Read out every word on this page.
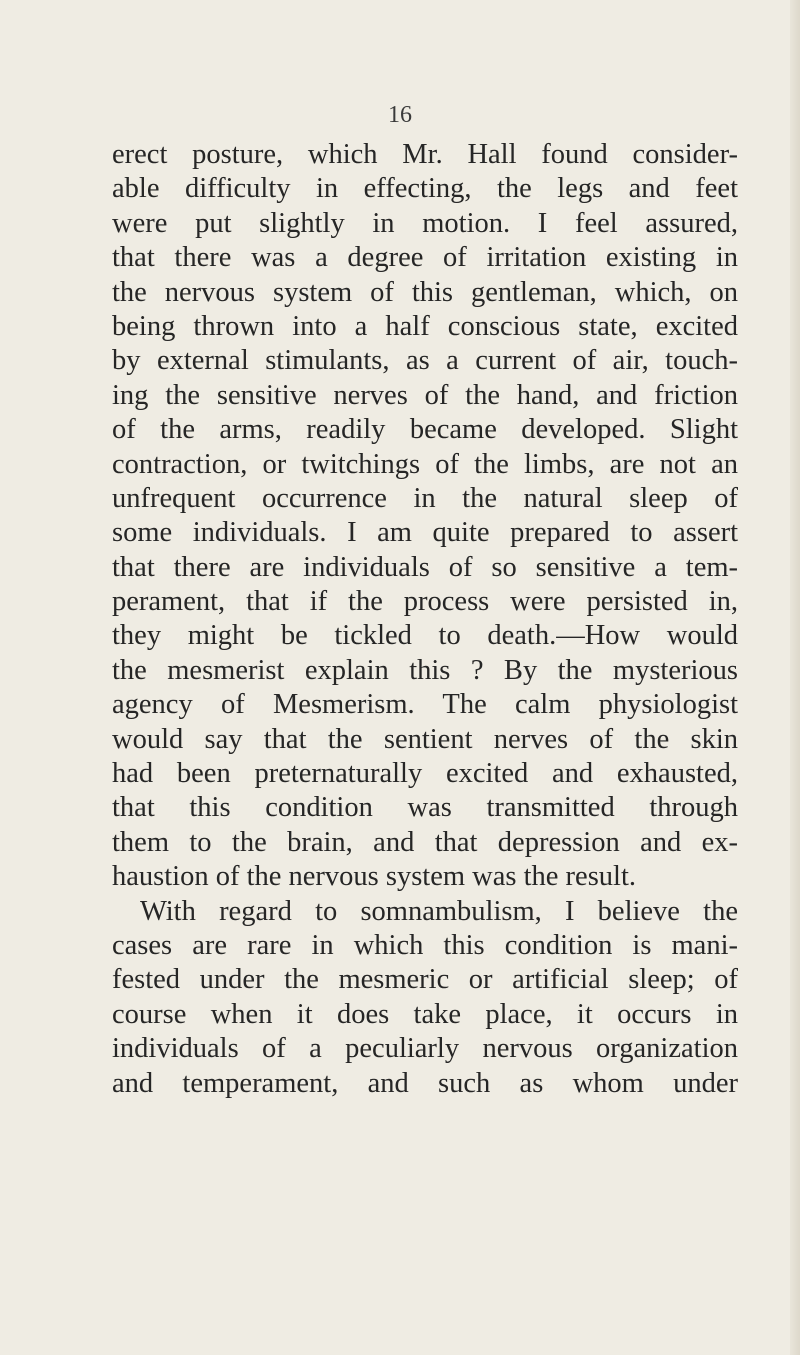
16
erect posture, which Mr. Hall found consider-
able difficulty in effecting, the legs and feet
were put slightly in motion. I feel assured,
that there was a degree of irritation existing in
the nervous system of this gentleman, which, on
being thrown into a half conscious state, excited
by external stimulants, as a current of air, touch-
ing the sensitive nerves of the hand, and friction
of the arms, readily became developed. Slight
contraction, or twitchings of the limbs, are not an
unfrequent occurrence in the natural sleep of
some individuals. I am quite prepared to assert
that there are individuals of so sensitive a tem-
perament, that if the process were persisted in,
they might be tickled to death.—How would
the mesmerist explain this ? By the mysterious
agency of Mesmerism. The calm physiologist
would say that the sentient nerves of the skin
had been preternaturally excited and exhausted,
that this condition was transmitted through
them to the brain, and that depression and ex-
haustion of the nervous system was the result.
With regard to somnambulism, I believe the
cases are rare in which this condition is mani-
fested under the mesmeric or artificial sleep; of
course when it does take place, it occurs in
individuals of a peculiarly nervous organization
and temperament, and such as whom under
